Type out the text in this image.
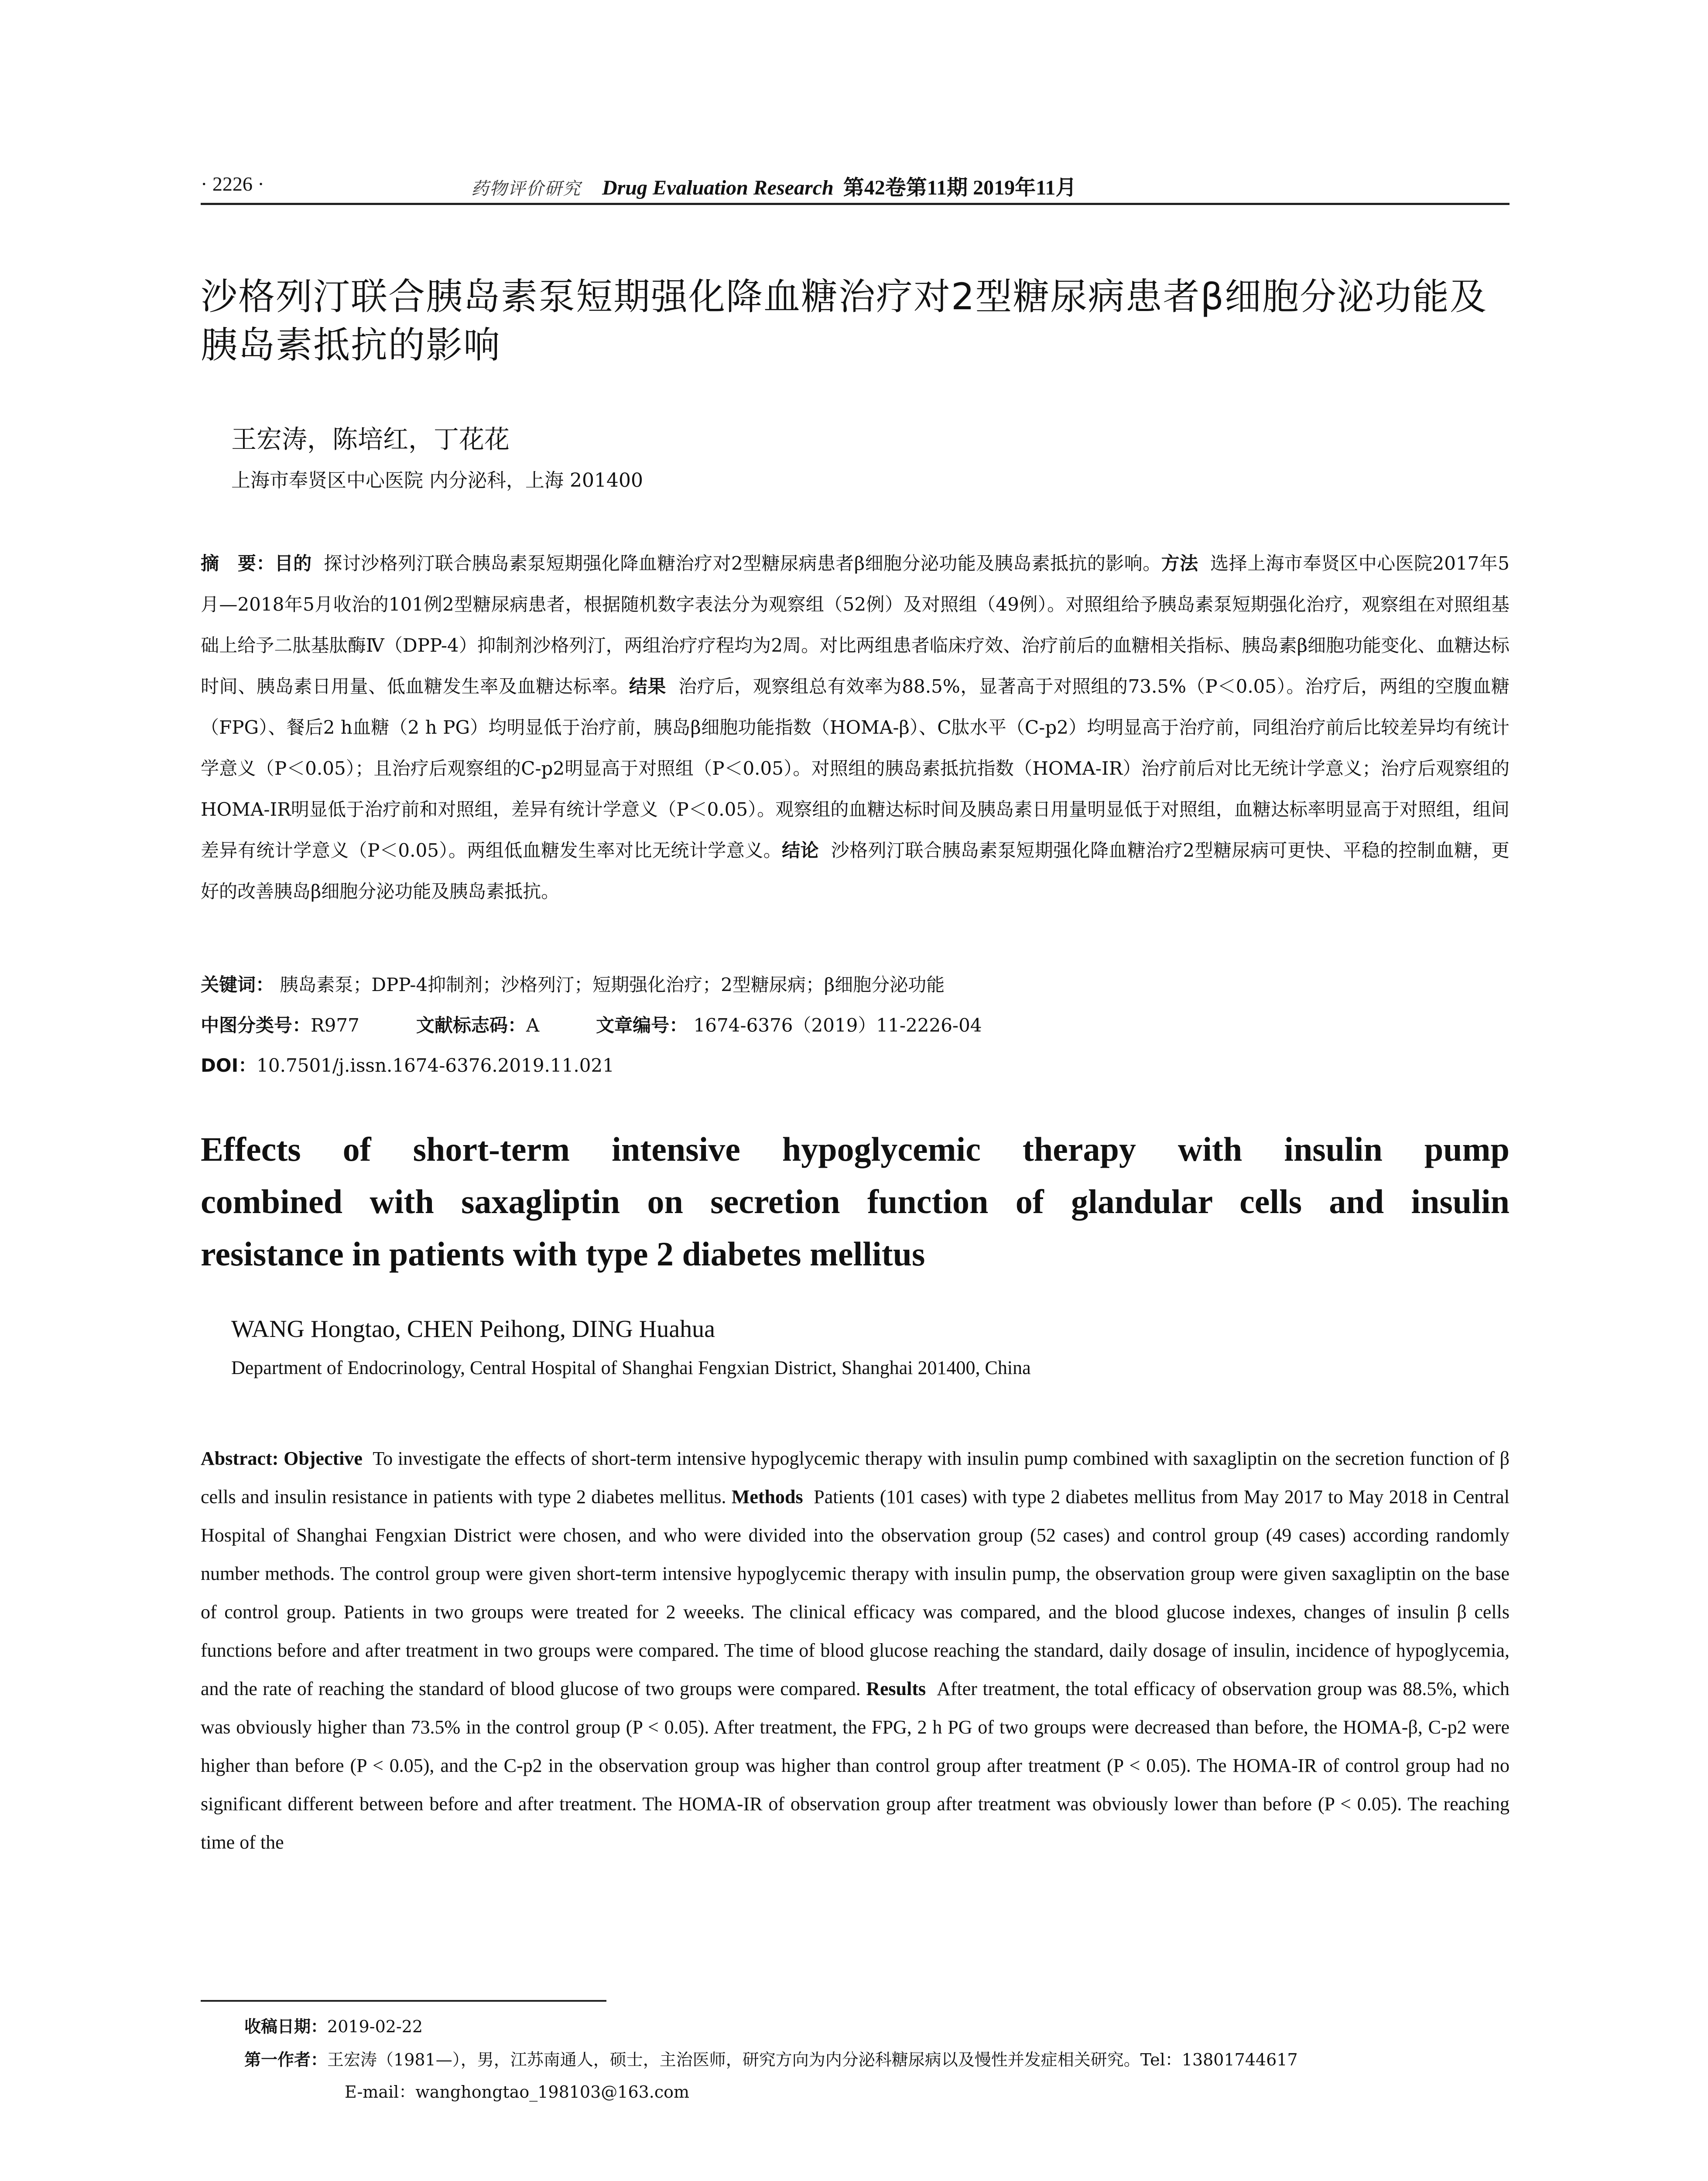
· 2226 ·	药物评价研究 Drug Evaluation Research 第42卷第11期 2019年11月
沙格列汀联合胰岛素泵短期强化降血糖治疗对2型糖尿病患者β细胞分泌功能及胰岛素抵抗的影响
王宏涛，陈培红，丁花花
上海市奉贤区中心医院 内分泌科，上海 201400
摘　要：目的 探讨沙格列汀联合胰岛素泵短期强化降血糖治疗对2型糖尿病患者β细胞分泌功能及胰岛素抵抗的影响。方法 选择上海市奉贤区中心医院2017年5月—2018年5月收治的101例2型糖尿病患者，根据随机数字表法分为观察组（52例）及对照组（49例）。对照组给予胰岛素泵短期强化治疗，观察组在对照组基础上给予二肽基肽酶Ⅳ（DPP-4）抑制剂沙格列汀，两组治疗疗程均为2周。对比两组患者临床疗效、治疗前后的血糖相关指标、胰岛素β细胞功能变化、血糖达标时间、胰岛素日用量、低血糖发生率及血糖达标率。结果 治疗后，观察组总有效率为88.5%，显著高于对照组的73.5%（P＜0.05）。治疗后，两组的空腹血糖（FPG）、餐后2 h血糖（2 h PG）均明显低于治疗前，胰岛β细胞功能指数（HOMA-β）、C肽水平（C-p2）均明显高于治疗前，同组治疗前后比较差异均有统计学意义（P＜0.05）；且治疗后观察组的C-p2明显高于对照组（P＜0.05）。对照组的胰岛素抵抗指数（HOMA-IR）治疗前后对比无统计学意义；治疗后观察组的HOMA-IR明显低于治疗前和对照组，差异有统计学意义（P＜0.05）。观察组的血糖达标时间及胰岛素日用量明显低于对照组，血糖达标率明显高于对照组，组间差异有统计学意义（P＜0.05）。两组低血糖发生率对比无统计学意义。结论 沙格列汀联合胰岛素泵短期强化降血糖治疗2型糖尿病可更快、平稳的控制血糖，更好的改善胰岛β细胞分泌功能及胰岛素抵抗。
关键词： 胰岛素泵；DPP-4抑制剂；沙格列汀；短期强化治疗；2型糖尿病；β细胞分泌功能
中图分类号：R977	文献标志码：A	文章编号： 1674-6376（2019）11-2226-04
DOI：10.7501/j.issn.1674-6376.2019.11.021
Effects of short-term intensive hypoglycemic therapy with insulin pump
combined with saxagliptin on secretion function of glandular cells and insulin
resistance in patients with type 2 diabetes mellitus
WANG Hongtao, CHEN Peihong, DING Huahua
Department of Endocrinology, Central Hospital of Shanghai Fengxian District, Shanghai 201400, China
Abstract: Objective To investigate the effects of short-term intensive hypoglycemic therapy with insulin pump combined with saxagliptin on the secretion function of β cells and insulin resistance in patients with type 2 diabetes mellitus. Methods Patients (101 cases) with type 2 diabetes mellitus from May 2017 to May 2018 in Central Hospital of Shanghai Fengxian District were chosen, and who were divided into the observation group (52 cases) and control group (49 cases) according randomly number methods. The control group were given short-term intensive hypoglycemic therapy with insulin pump, the observation group were given saxagliptin on the base of control group. Patients in two groups were treated for 2 weeeks. The clinical efficacy was compared, and the blood glucose indexes, changes of insulin β cells functions before and after treatment in two groups were compared. The time of blood glucose reaching the standard, daily dosage of insulin, incidence of hypoglycemia, and the rate of reaching the standard of blood glucose of two groups were compared. Results After treatment, the total efficacy of observation group was 88.5%, which was obviously higher than 73.5% in the control group (P < 0.05). After treatment, the FPG, 2 h PG of two groups were decreased than before, the HOMA-β, C-p2 were higher than before (P < 0.05), and the C-p2 in the observation group was higher than control group after treatment (P < 0.05). The HOMA-IR of control group had no significant different between before and after treatment. The HOMA-IR of observation group after treatment was obviously lower than before (P < 0.05). The reaching time of the
收稿日期：2019-02-22
第一作者：王宏涛（1981—），男，江苏南通人，硕士，主治医师，研究方向为内分泌科糖尿病以及慢性并发症相关研究。Tel：13801744617
E-mail：wanghongtao_198103@163.com
